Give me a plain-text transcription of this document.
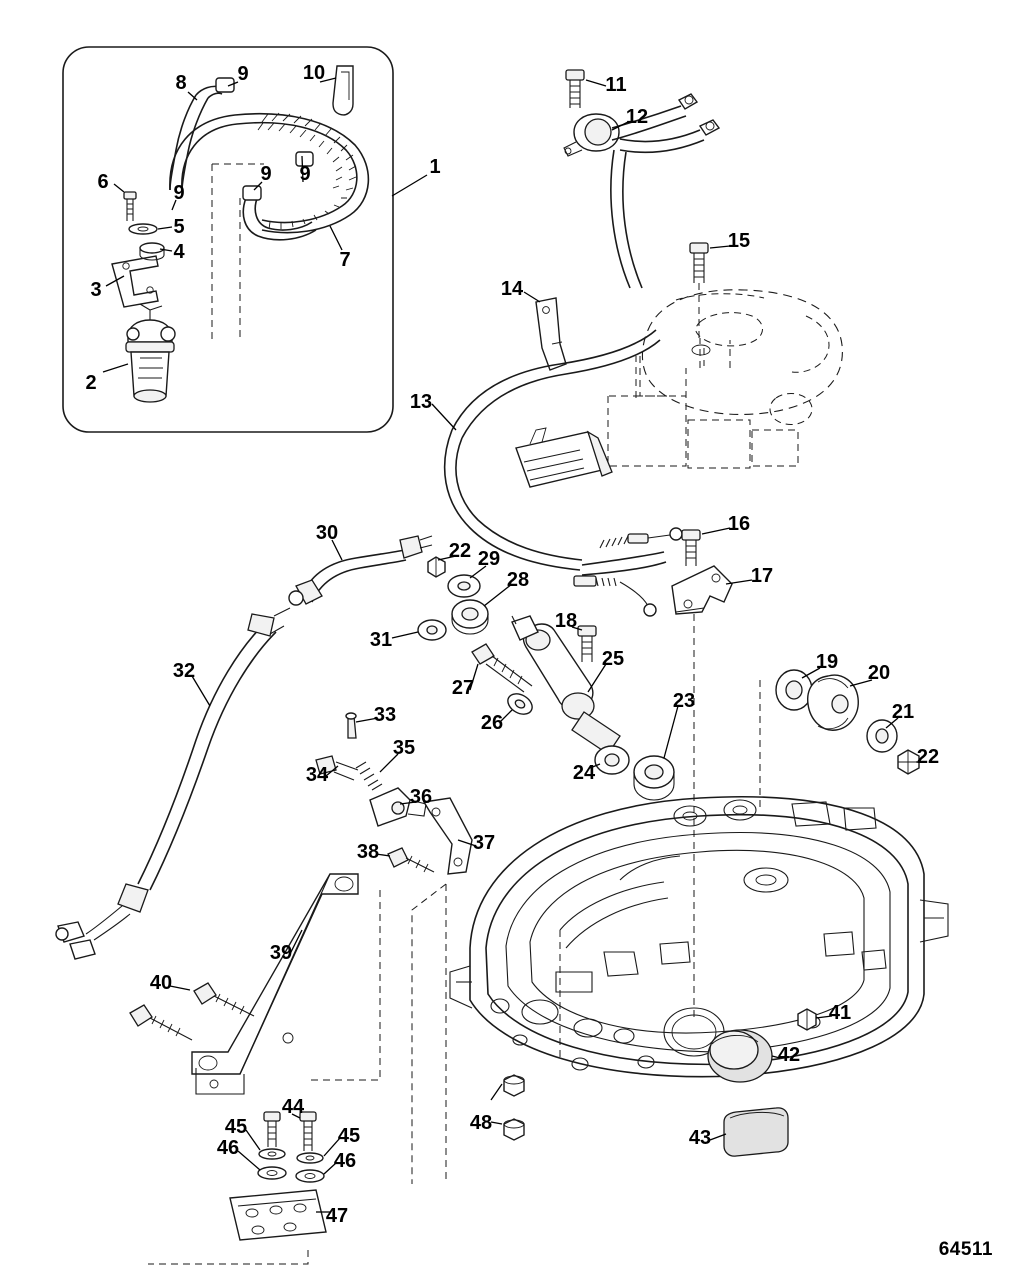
1
2
3
4
5
6
7
8	9
9
9 9
10
11
12
13
14
15
16
17
18
19 20
21
22
22
23
24
25
26
27
28
29
30
31
32
33
34
35
36
37
38
39
40
41
42
43
44
45	45
46
46
47
48
64511
